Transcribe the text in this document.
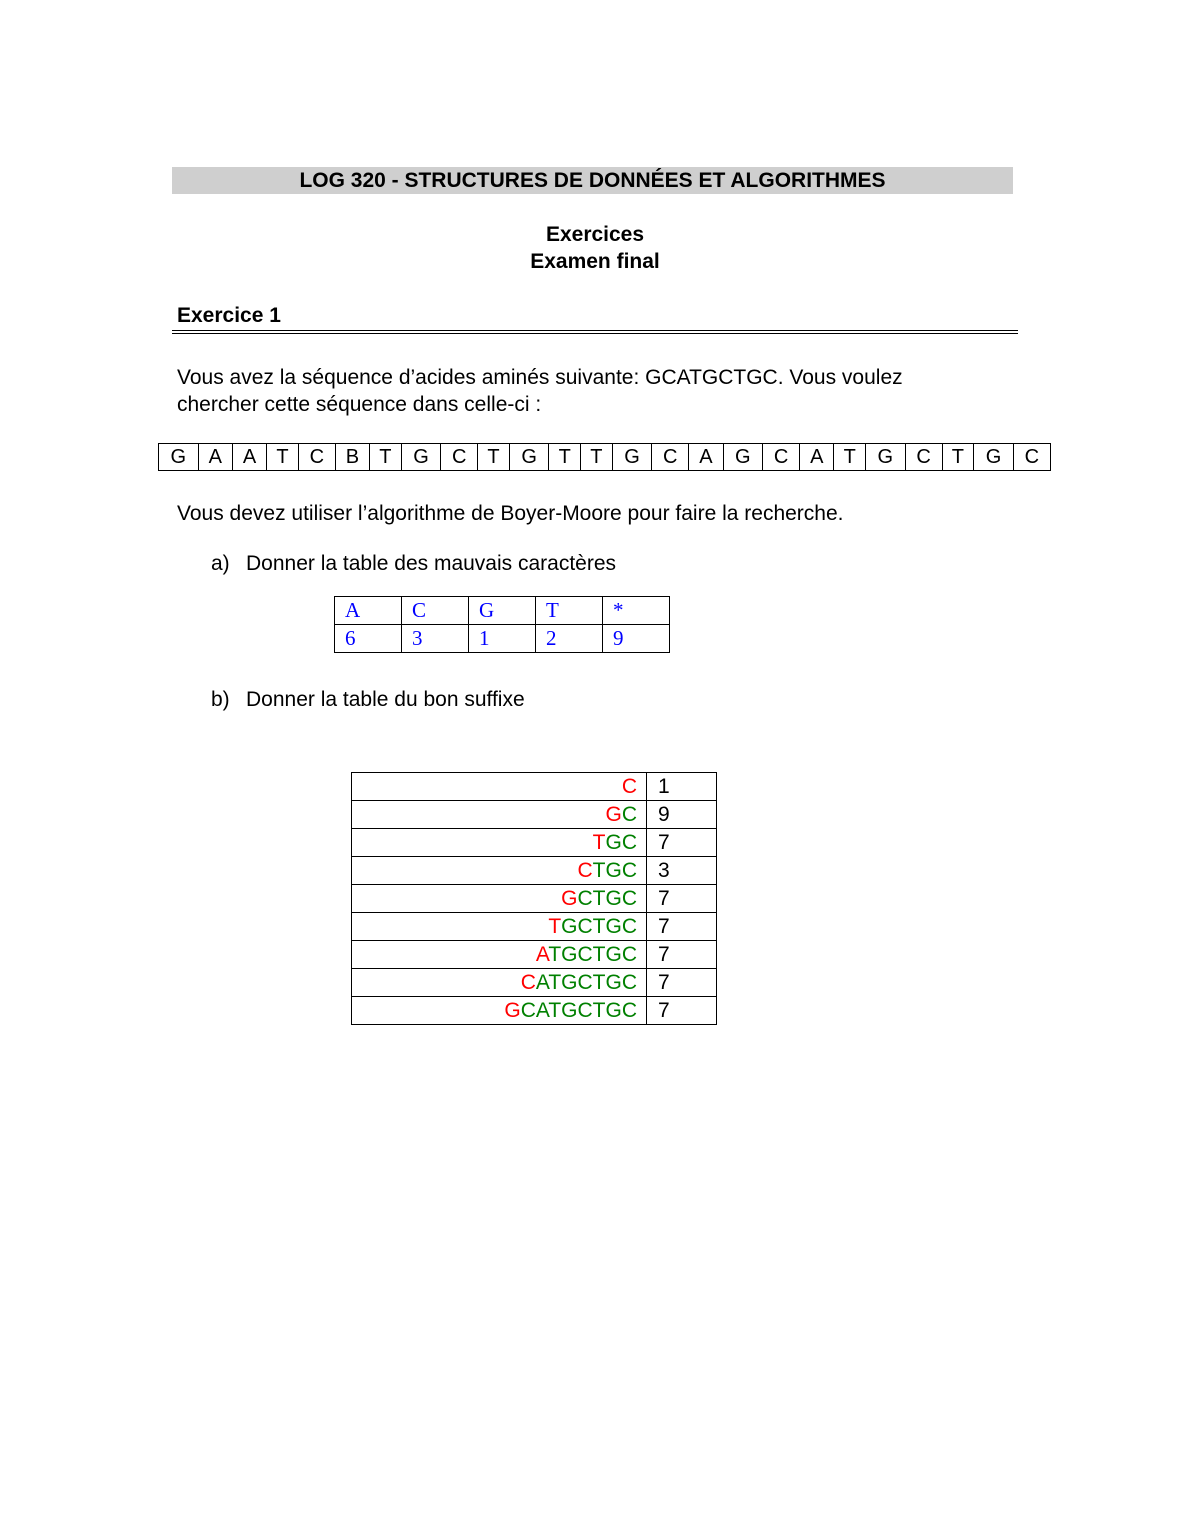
LOG 320 - STRUCTURES DE DONNÉES ET ALGORITHMES
Exercices
Examen final
Exercice 1
Vous avez la séquence d’acides aminés suivante: GCATGCTGC. Vous voulez
chercher cette séquence dans celle-ci :
G	A	A	T	C	B	T	G	C	T	G	T	T	G	C	A	G	C	A	T	G	C	T	G	C
Vous devez utiliser l’algorithme de Boyer-Moore pour faire la recherche.
a) Donner la table des mauvais caractères
A	C	G	T	*
6	3	1	2	9
b) Donner la table du bon suffixe
C	1
GC	9
TGC	7
CTGC	3
GCTGC	7
TGCTGC	7
ATGCTGC	7
CATGCTGC	7
GCATGCTGC	7
